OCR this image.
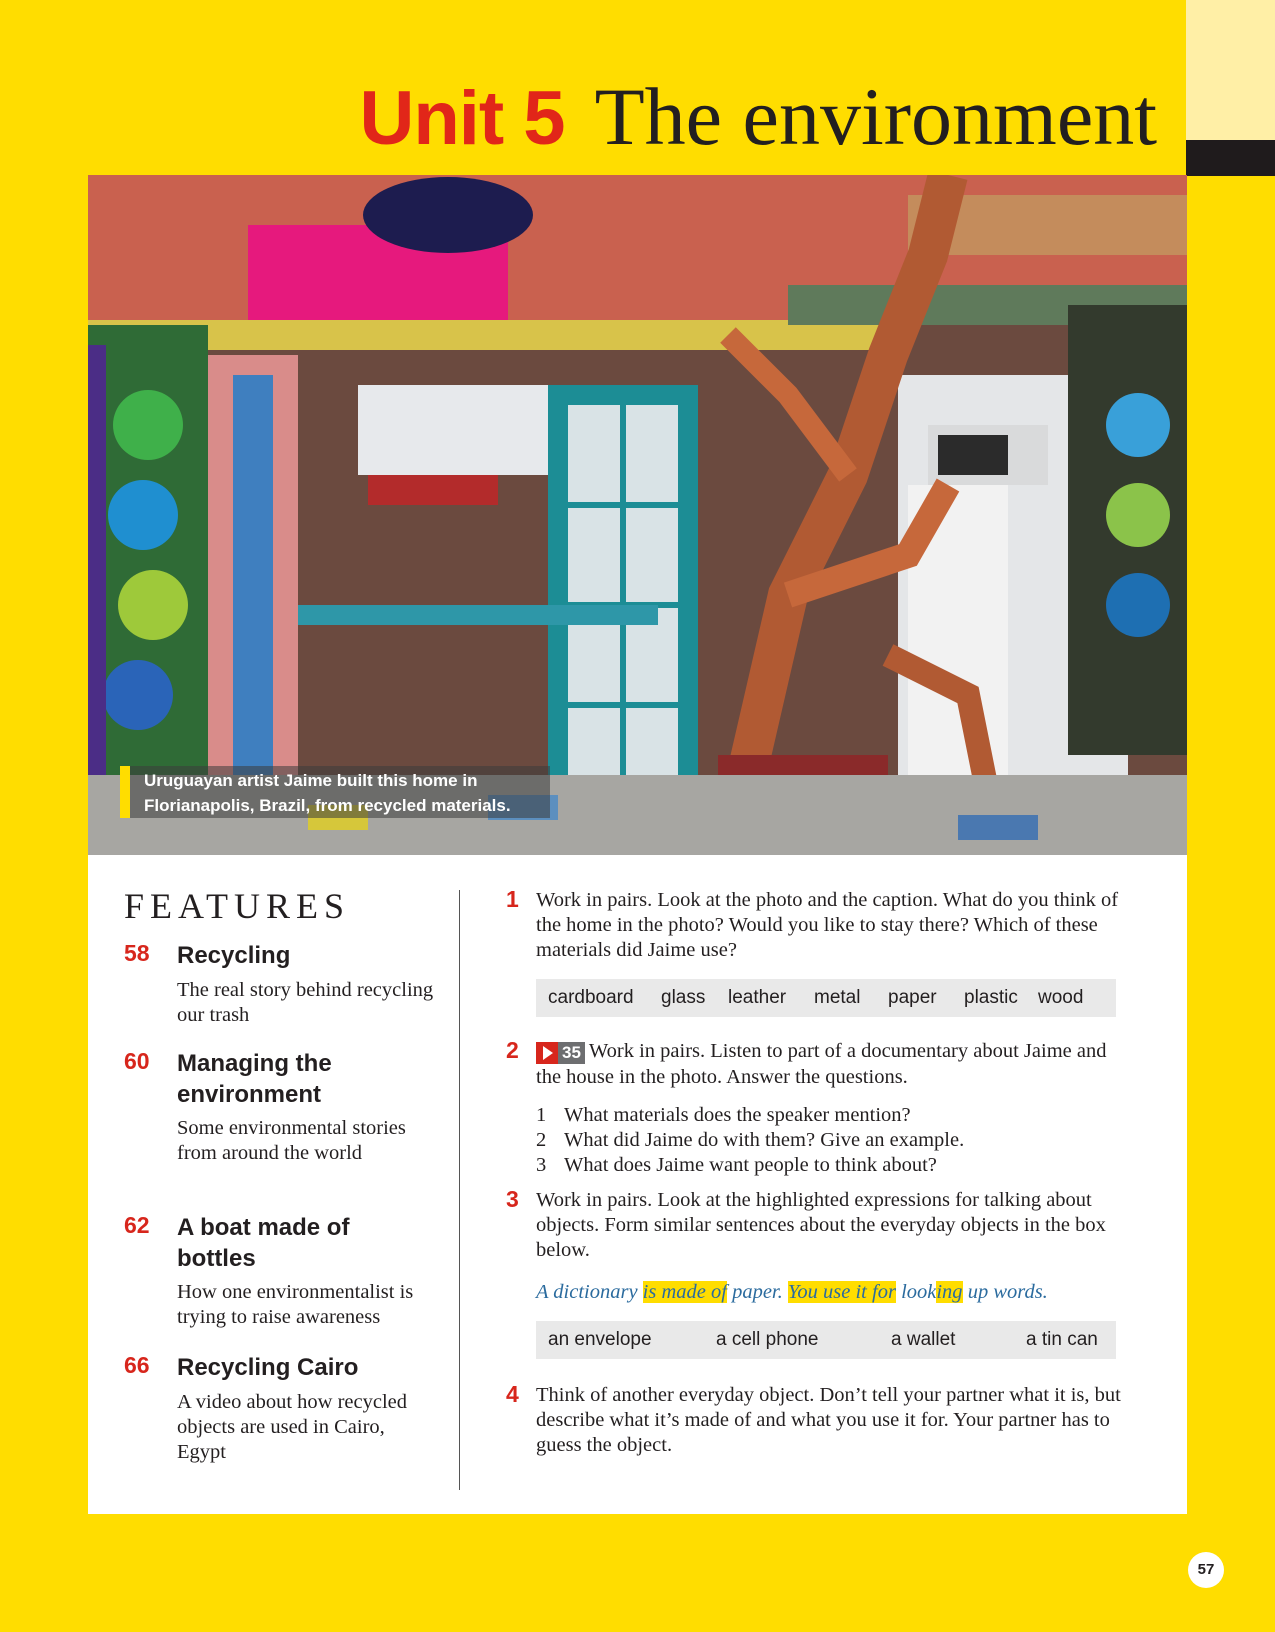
Unit 5 The environment
Uruguayan artist Jaime built this home in Florianapolis, Brazil, from recycled materials.
FEATURES
58 Recycling
The real story behind recycling our trash
60 Managing the environment
Some environmental stories from around the world
62 A boat made of bottles
How one environmentalist is trying to raise awareness
66 Recycling Cairo
A video about how recycled objects are used in Cairo, Egypt
1 Work in pairs. Look at the photo and the caption. What do you think of the home in the photo? Would you like to stay there? Which of these materials did Jaime use?
cardboard glass leather metal paper plastic wood
2	35 Work in pairs. Listen to part of a documentary about Jaime and the house in the photo. Answer the questions.
1 What materials does the speaker mention?
2 What did Jaime do with them? Give an example.
3 What does Jaime want people to think about?
3 Work in pairs. Look at the highlighted expressions for talking about objects. Form similar sentences about the everyday objects in the box below.
A dictionary is made of paper. You use it for looking up words.
an envelope	a cell phone	a wallet	a tin can
4 Think of another everyday object. Don’t tell your partner what it is, but describe what it’s made of and what you use it for. Your partner has to guess the object.
57
